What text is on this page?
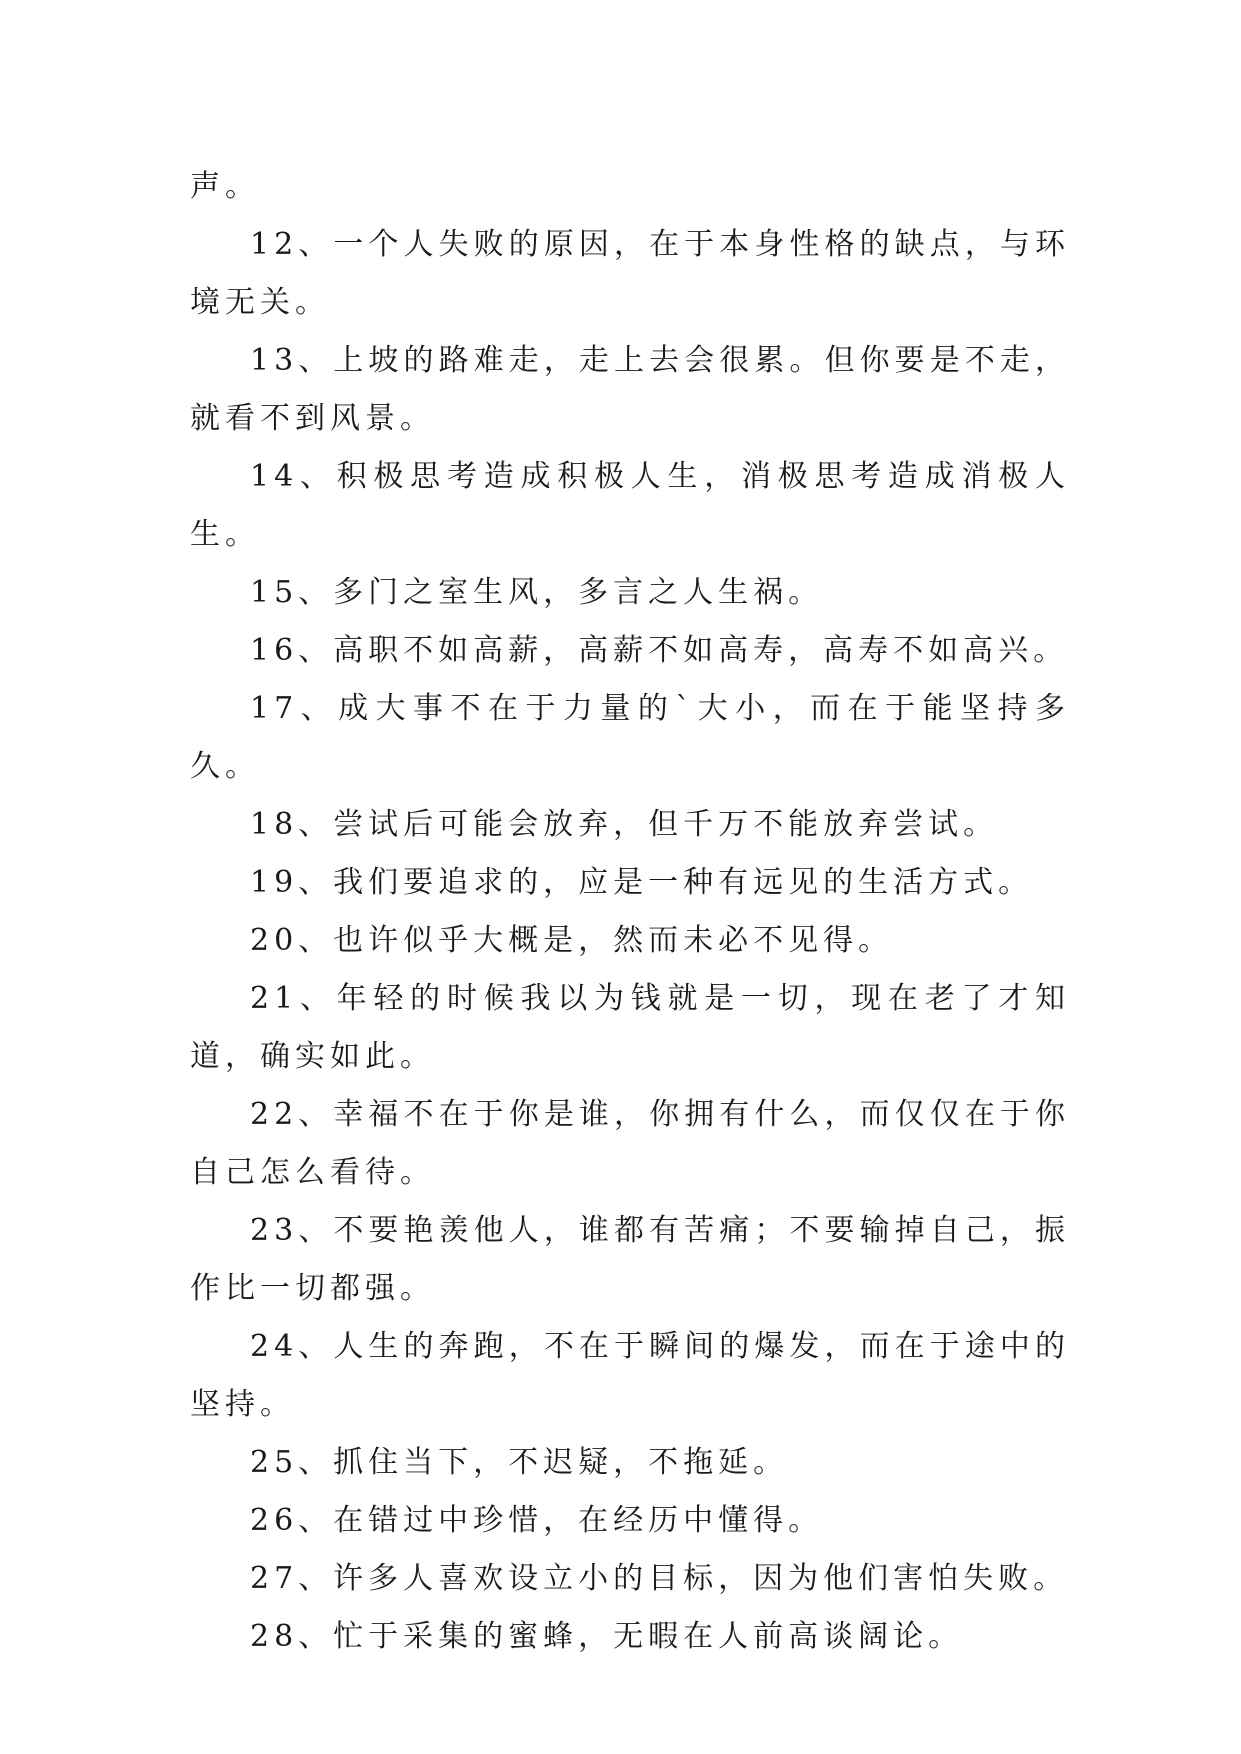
声。

12、一个人失败的原因，在于本身性格的缺点，与环境无关。

13、上坡的路难走，走上去会很累。但你要是不走，就看不到风景。

14、积极思考造成积极人生，消极思考造成消极人生。

15、多门之室生风，多言之人生祸。

16、高职不如高薪，高薪不如高寿，高寿不如高兴。

17、成大事不在于力量的`大小，而在于能坚持多久。

18、尝试后可能会放弃，但千万不能放弃尝试。

19、我们要追求的，应是一种有远见的生活方式。

20、也许似乎大概是，然而未必不见得。

21、年轻的时候我以为钱就是一切，现在老了才知道，确实如此。

22、幸福不在于你是谁，你拥有什么，而仅仅在于你自己怎么看待。

23、不要艳羡他人，谁都有苦痛；不要输掉自己，振作比一切都强。

24、人生的奔跑，不在于瞬间的爆发，而在于途中的坚持。

25、抓住当下，不迟疑，不拖延。

26、在错过中珍惜，在经历中懂得。

27、许多人喜欢设立小的目标，因为他们害怕失败。

28、忙于采集的蜜蜂，无暇在人前高谈阔论。
